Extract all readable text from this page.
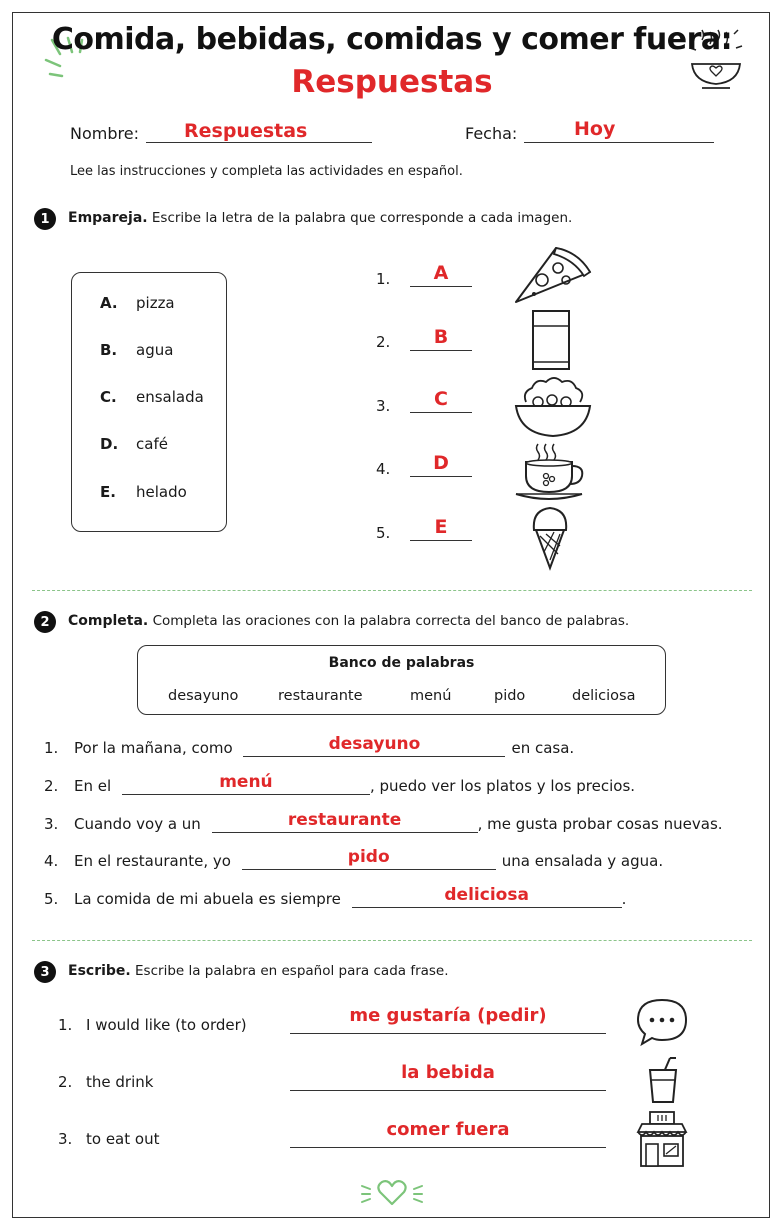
Comida, bebidas, comidas y comer fuera:
Respuestas
Nombre: Respuestas	Fecha:	Hoy
Lee las instrucciones y completa las actividades en español.
1	Empareja. Escribe la letra de la palabra que corresponde a cada imagen.
A. pizza
B. agua
C. ensalada
D. café
E. helado
1.	A
2.	B
3.	C
4.	D
5.	E
2	Completa. Completa las oraciones con la palabra correcta del banco de palabras.
Banco de palabras
desayuno	restaurante	menú	pido	deliciosa
1. Por la mañana, como	desayuno	en casa.
2. En el	menú	, puedo ver los platos y los precios.
3. Cuando voy a un	restaurante	, me gusta probar cosas nuevas.
4. En el restaurante, yo	pido	una ensalada y agua.
5. La comida de mi abuela es siempre	deliciosa	.
3	Escribe. Escribe la palabra en español para cada frase.
1. I would like (to order)	me gustaría (pedir)
2. the drink	la bebida
3. to eat out	comer fuera
